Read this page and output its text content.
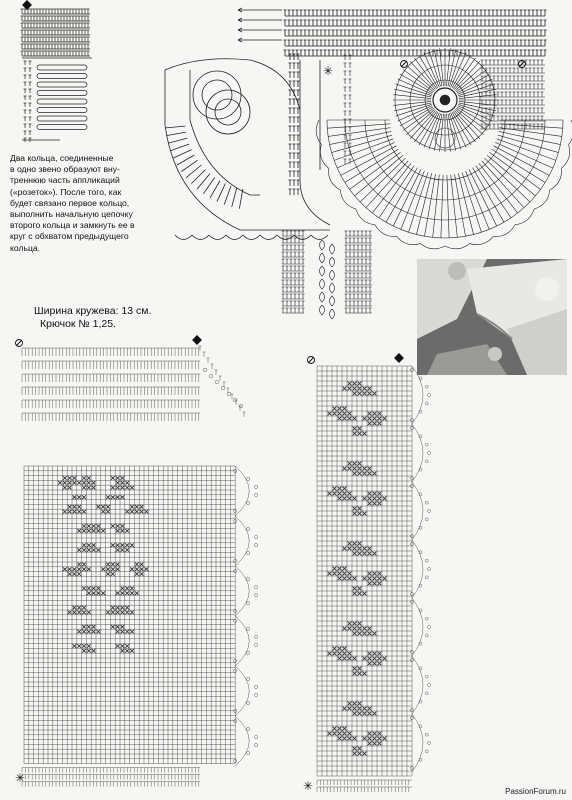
✳
✳
✳
Два кольца, соединенные
в одно звено образуют вну-
треннюю часть аппликаций
(«розеток»). После того, как
будет связано первое кольцо,
выполнить начальную цепочку
второго кольца и замкнуть ее в
круг с обхватом предыдущего
кольца.
Ширина кружева: 13 см.
Крючок № 1,25.
PassionForum.ru
